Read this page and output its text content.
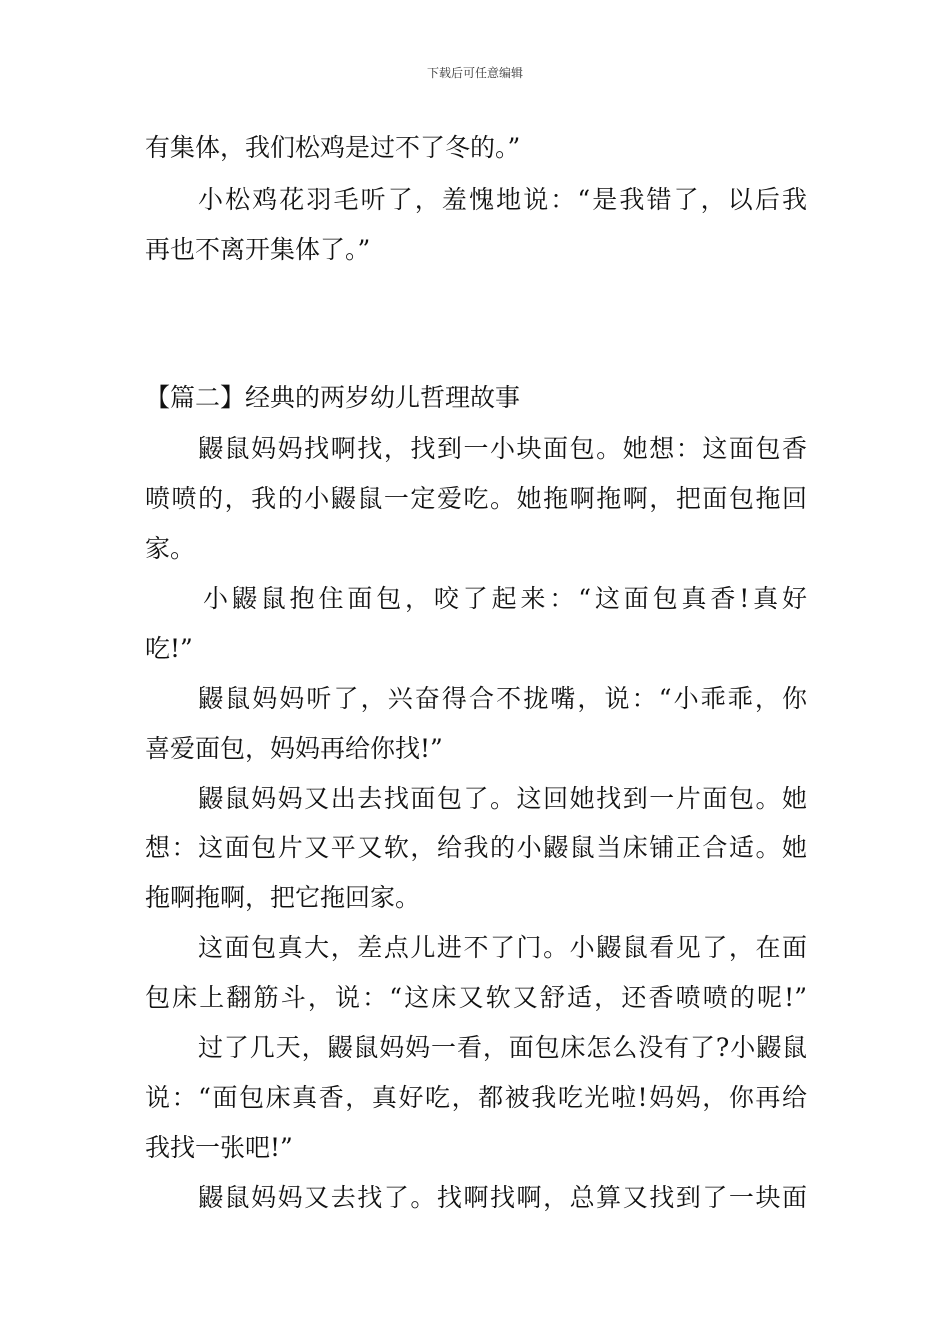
下载后可任意编辑
有集体，我们松鸡是过不了冬的。”
小松鸡花羽毛听了，羞愧地说：“是我错了，以后我
再也不离开集体了。”
【篇二】经典的两岁幼儿哲理故事
鼹鼠妈妈找啊找，找到一小块面包。她想：这面包香
喷喷的，我的小鼹鼠一定爱吃。她拖啊拖啊，把面包拖回
家。
小鼹鼠抱住面包，咬了起来：“这面包真香!真好
吃!”
鼹鼠妈妈听了，兴奋得合不拢嘴，说：“小乖乖，你
喜爱面包，妈妈再给你找!”
鼹鼠妈妈又出去找面包了。这回她找到一片面包。她
想：这面包片又平又软，给我的小鼹鼠当床铺正合适。她
拖啊拖啊，把它拖回家。
这面包真大，差点儿进不了门。小鼹鼠看见了，在面
包床上翻筋斗，说：“这床又软又舒适，还香喷喷的呢!”
过了几天，鼹鼠妈妈一看，面包床怎么没有了?小鼹鼠
说：“面包床真香，真好吃，都被我吃光啦!妈妈，你再给
我找一张吧!”
鼹鼠妈妈又去找了。找啊找啊，总算又找到了一块面
